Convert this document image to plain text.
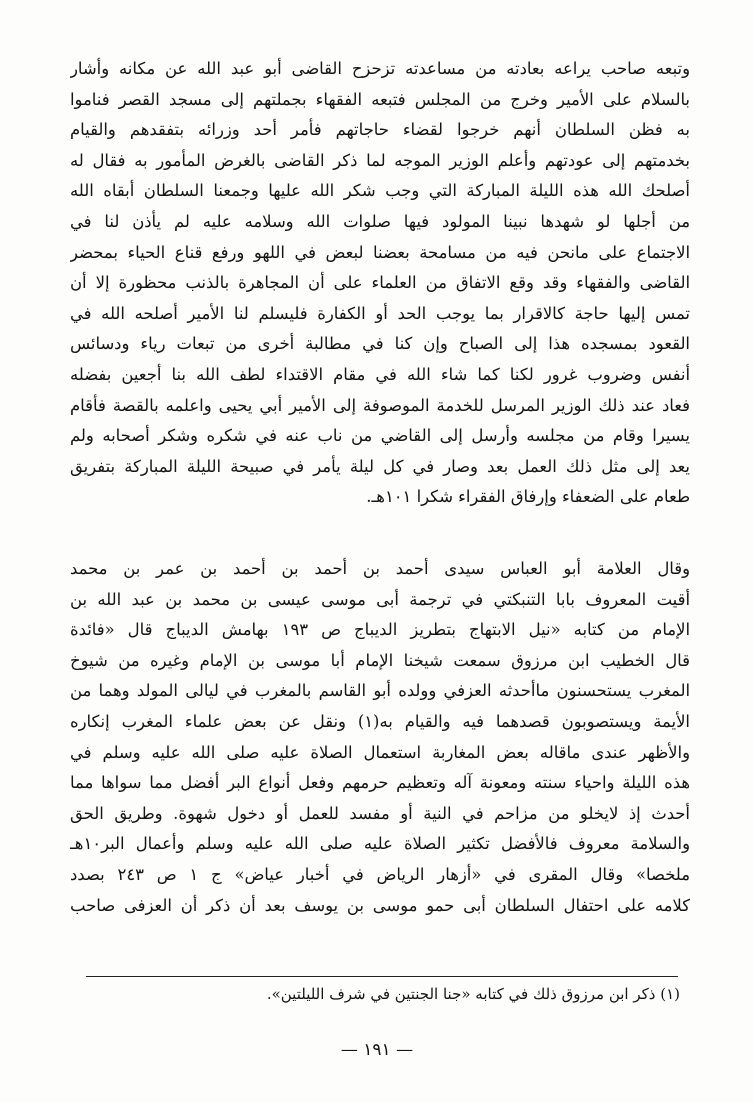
وتبعه صاحب يراعه بعادته من مساعدته تزحزح القاضى أبو عبد الله عن مكانه وأشار
بالسلام على الأمير وخرج من المجلس فتبعه الفقهاء بجملتهم إلى مسجد القصر فناموا
به فظن السلطان أنهم خرجوا لقضاء حاجاتهم فأمر أحد وزرائه بتفقدهم والقيام
بخدمتهم إلى عودتهم وأعلم الوزير الموجه لما ذكر القاضى بالغرض المأمور به فقال له
أصلحك الله هذه الليلة المباركة التي وجب شكر الله عليها وجمعنا السلطان أبقاه الله
من أجلها لو شهدها نبينا المولود فيها صلوات الله وسلامه عليه لم يأذن لنا في
الاجتماع على مانحن فيه من مسامحة بعضنا لبعض في اللهو ورفع قناع الحياء بمحضر
القاضى والفقهاء وقد وقع الاتفاق من العلماء على أن المجاهرة بالذنب محظورة إلا أن
تمس إليها حاجة كالاقرار بما يوجب الحد أو الكفارة فليسلم لنا الأمير أصلحه الله في
القعود بمسجده هذا إلى الصباح وإن كنا في مطالبة أخرى من تبعات رياء ودسائس
أنفس وضروب غرور لكنا كما شاء الله في مقام الاقتداء لطف الله بنا أجعين بفضله
فعاد عند ذلك الوزير المرسل للخدمة الموصوفة إلى الأمير أبي يحيى واعلمه بالقصة فأقام
يسيرا وقام من مجلسه وأرسل إلى القاضي من ناب عنه في شكره وشكر أصحابه ولم
يعد إلى مثل ذلك العمل بعد وصار في كل ليلة يأمر في صبيحة الليلة المباركة بتفريق
طعام على الضعفاء وإرفاق الفقراء شكرا ١٠١هـ.
وقال العلامة أبو العباس سيدى أحمد بن أحمد بن أحمد بن عمر بن محمد
أقيت المعروف بابا التنبكتي في ترجمة أبى موسى عيسى بن محمد بن عبد الله بن
الإمام من كتابه «نيل الابتهاج بتطريز الديباج ص ١٩٣ بهامش الديباج قال «فائدة
قال الخطيب ابن مرزوق سمعت شيخنا الإمام أبا موسى بن الإمام وغيره من شيوخ
المغرب يستحسنون ماأحدثه العزفي وولده أبو القاسم بالمغرب في ليالى المولد وهما من
الأيمة ويستصوبون قصدهما فيه والقيام به(١) ونقل عن بعض علماء المغرب إنكاره
والأظهر عندى ماقاله بعض المغاربة استعمال الصلاة عليه صلى الله عليه وسلم في
هذه الليلة واحياء سنته ومعونة آله وتعظيم حرمهم وفعل أنواع البر أفضل مما سواها مما
أحدث إذ لايخلو من مزاحم في النية أو مفسد للعمل أو دخول شهوة. وطريق الحق
والسلامة معروف فالأفضل تكثير الصلاة عليه صلى الله عليه وسلم وأعمال البر١٠هـ
ملخصا» وقال المقرى في «أزهار الرياض في أخبار عياض» ج ١ ص ٢٤٣ بصدد
كلامه على احتفال السلطان أبى حمو موسى بن يوسف بعد أن ذكر أن العزفى صاحب
(١) ذكر ابن مرزوق ذلك في كتابه «جنا الجنتين في شرف الليلتين».
— ١٩١ —
